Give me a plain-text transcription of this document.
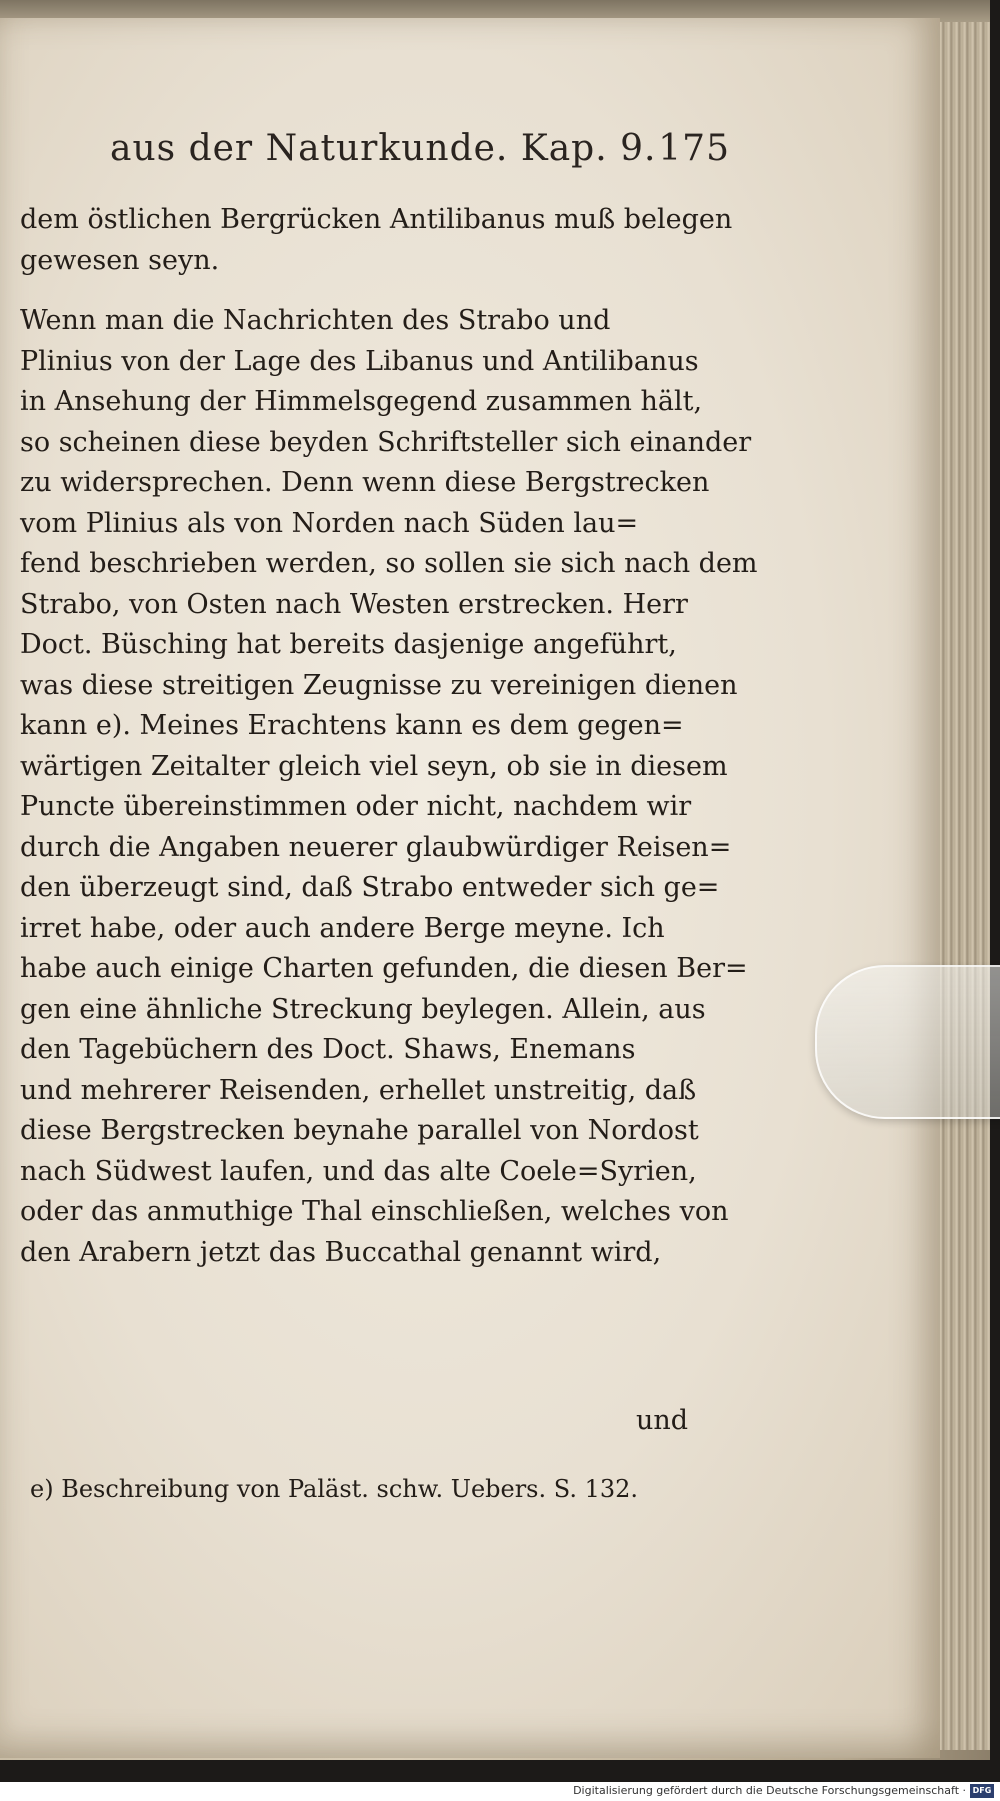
aus der Naturkunde. Kap. 9. 175
dem östlichen Bergrücken Antilibanus muß belegen
gewesen seyn.
Wenn man die Nachrichten des Strabo und
Plinius von der Lage des Libanus und Antilibanus
in Ansehung der Himmelsgegend zusammen hält,
so scheinen diese beyden Schriftsteller sich einander
zu widersprechen. Denn wenn diese Bergstrecken
vom Plinius als von Norden nach Süden lau=
fend beschrieben werden, so sollen sie sich nach dem
Strabo, von Osten nach Westen erstrecken. Herr
Doct. Büsching hat bereits dasjenige angeführt,
was diese streitigen Zeugnisse zu vereinigen dienen
kann e). Meines Erachtens kann es dem gegen=
wärtigen Zeitalter gleich viel seyn, ob sie in diesem
Puncte übereinstimmen oder nicht, nachdem wir
durch die Angaben neuerer glaubwürdiger Reisen=
den überzeugt sind, daß Strabo entweder sich ge=
irret habe, oder auch andere Berge meyne. Ich
habe auch einige Charten gefunden, die diesen Ber=
gen eine ähnliche Streckung beylegen. Allein, aus
den Tagebüchern des Doct. Shaws, Enemans
und mehrerer Reisenden, erhellet unstreitig, daß
diese Bergstrecken beynahe parallel von Nordost
nach Südwest laufen, und das alte Coele=Syrien,
oder das anmuthige Thal einschließen, welches von
den Arabern jetzt das Buccathal genannt wird,
und
e) Beschreibung von Paläst. schw. Uebers. S. 132.
Digitalisierung gefördert durch die Deutsche Forschungsgemeinschaft · DFG
